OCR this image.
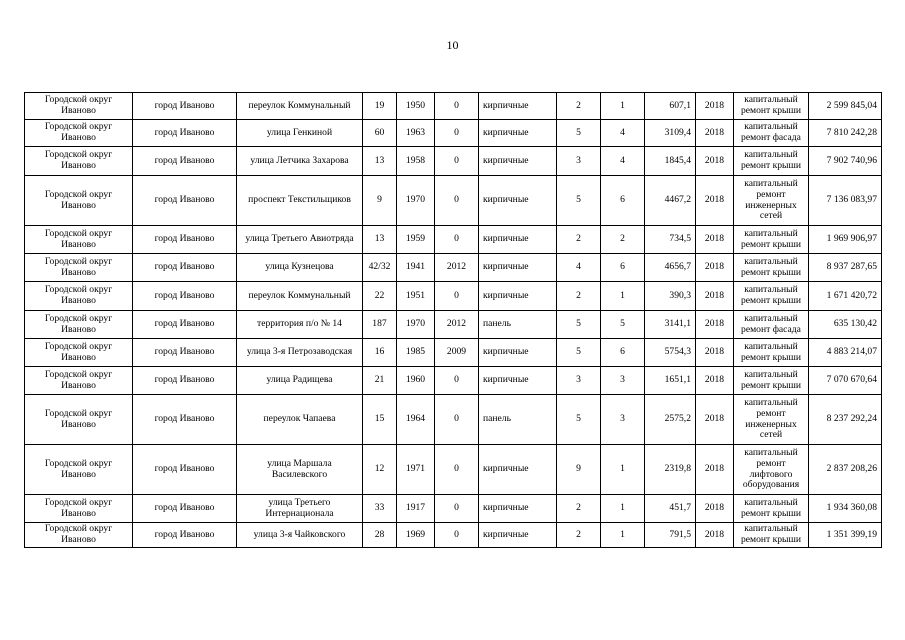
10
Городской округ Иваново	город Иваново	переулок Коммунальный	19	1950	0	кирпичные	2	1	607,1	2018	капитальный ремонт крыши	2 599 845,04
Городской округ Иваново	город Иваново	улица Генкиной	60	1963	0	кирпичные	5	4	3109,4	2018	капитальный ремонт фасада	7 810 242,28
Городской округ Иваново	город Иваново	улица Летчика Захарова	13	1958	0	кирпичные	3	4	1845,4	2018	капитальный ремонт крыши	7 902 740,96
Городской округ Иваново	город Иваново	проспект Текстильщиков	9	1970	0	кирпичные	5	6	4467,2	2018	капитальный ремонт инженерных сетей	7 136 083,97
Городской округ Иваново	город Иваново	улица Третьего Авиотряда	13	1959	0	кирпичные	2	2	734,5	2018	капитальный ремонт крыши	1 969 906,97
Городской округ Иваново	город Иваново	улица Кузнецова	42/32	1941	2012	кирпичные	4	6	4656,7	2018	капитальный ремонт крыши	8 937 287,65
Городской округ Иваново	город Иваново	переулок Коммунальный	22	1951	0	кирпичные	2	1	390,3	2018	капитальный ремонт крыши	1 671 420,72
Городской округ Иваново	город Иваново	территория п/о № 14	187	1970	2012	панель	5	5	3141,1	2018	капитальный ремонт фасада	635 130,42
Городской округ Иваново	город Иваново	улица 3-я Петрозаводская	16	1985	2009	кирпичные	5	6	5754,3	2018	капитальный ремонт крыши	4 883 214,07
Городской округ Иваново	город Иваново	улица Радищева	21	1960	0	кирпичные	3	3	1651,1	2018	капитальный ремонт крыши	7 070 670,64
Городской округ Иваново	город Иваново	переулок Чапаева	15	1964	0	панель	5	3	2575,2	2018	капитальный ремонт инженерных сетей	8 237 292,24
Городской округ Иваново	город Иваново	улица Маршала Василевского	12	1971	0	кирпичные	9	1	2319,8	2018	капитальный ремонт лифтового оборудования	2 837 208,26
Городской округ Иваново	город Иваново	улица Третьего Интернационала	33	1917	0	кирпичные	2	1	451,7	2018	капитальный ремонт крыши	1 934 360,08
Городской округ Иваново	город Иваново	улица 3-я Чайковского	28	1969	0	кирпичные	2	1	791,5	2018	капитальный ремонт крыши	1 351 399,19
